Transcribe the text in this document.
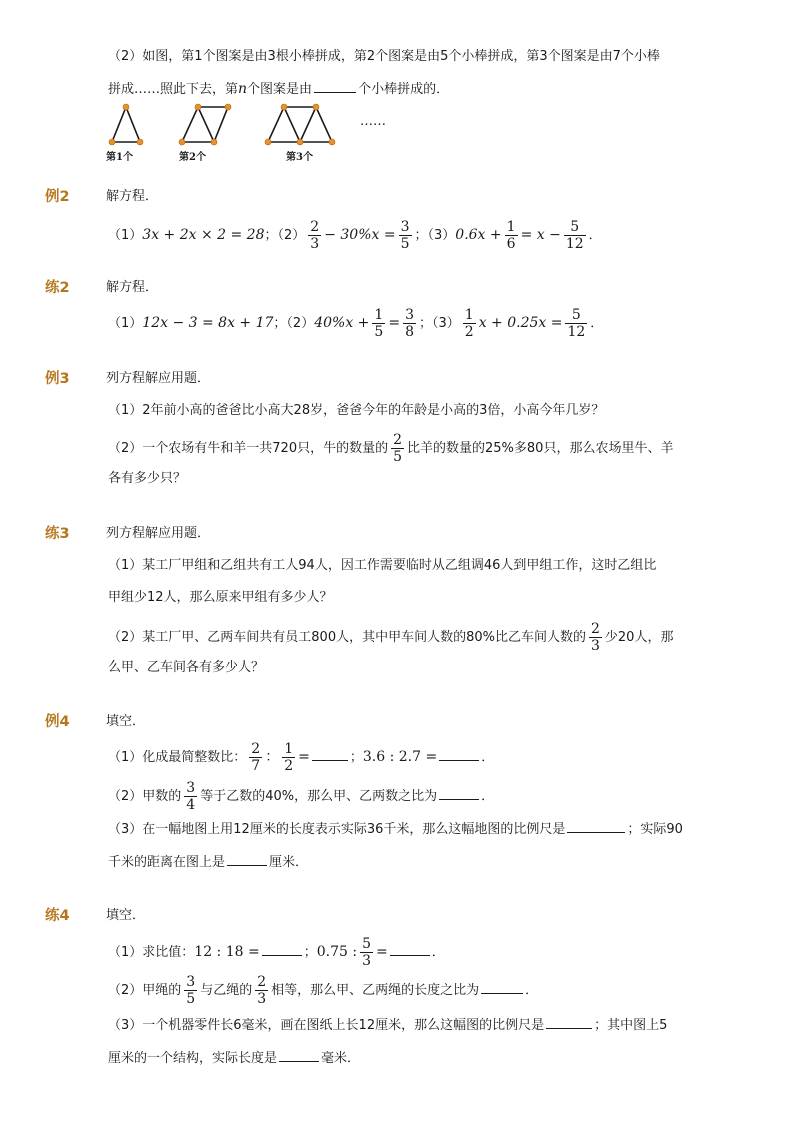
（2）如图，第1个图案是由3根小棒拼成，第2个图案是由5个小棒拼成，第3个图案是由7个小棒
拼成……照此下去，第n个图案是由	个小棒拼成的．
第1个	第2个	第3个
……
例2	解方程．
（1）3x + 2x × 2 = 28；$(2) \frac{2}{3} - 30\%x = \frac{3}{5}$ ；$(3)0.6x + \frac{1}{6} = x - \frac{5}{12}$ ．
练2	解方程．
（1）12x − 3 = 8x + 17；$(2)40\%x + \frac{1}{5} = \frac{3}{8}$ ；$(3) \frac{1}{2}$ $x + 0.25x = \frac{5}{12}$ ．
例3	列方程解应用题．
（1）2年前小高的爸爸比小高大28岁，爸爸今年的年龄是小高的3倍，小高今年几岁？
（2）一个农场有牛和羊一共720只，牛的数量的 $\frac{2}{5}$ 比羊的数量的25%多80只，那么农场里牛、羊
各有多少只？
练3	列方程解应用题．
（1）某工厂甲组和乙组共有工人94人，因工作需要临时从乙组调46人到甲组工作，这时乙组比
甲组少12人，那么原来甲组有多少人？
（2）某工厂甲、乙两车间共有员工800人，其中甲车间人数的80%比乙车间人数的 $\frac{2}{3}$ 少20人，那
么甲、乙车间各有多少人？
例4	填空．
（1）化成最简整数比： $\frac{2}{7}$ ： $\frac{1}{2}$ =	；3.6 : 2.7 =	．
（2）甲数的 $\frac{3}{4}$ 等于乙数的40%，那么甲、乙两数之比为	．
（3）在一幅地图上用12厘米的长度表示实际36千米，那么这幅地图的比例尺是	；实际90
千米的距离在图上是	厘米．
练4	填空．
（1）求比值：12 : 18 =	；0.75 : $\frac{5}{3}$ =	．
（2）甲绳的 $\frac{3}{5}$ 与乙绳的 $\frac{2}{3}$ 相等，那么甲、乙两绳的长度之比为	．
（3）一个机器零件长6毫米，画在图纸上长12厘米，那么这幅图的比例尺是	；其中图上5
厘米的一个结构，实际长度是	毫米．
